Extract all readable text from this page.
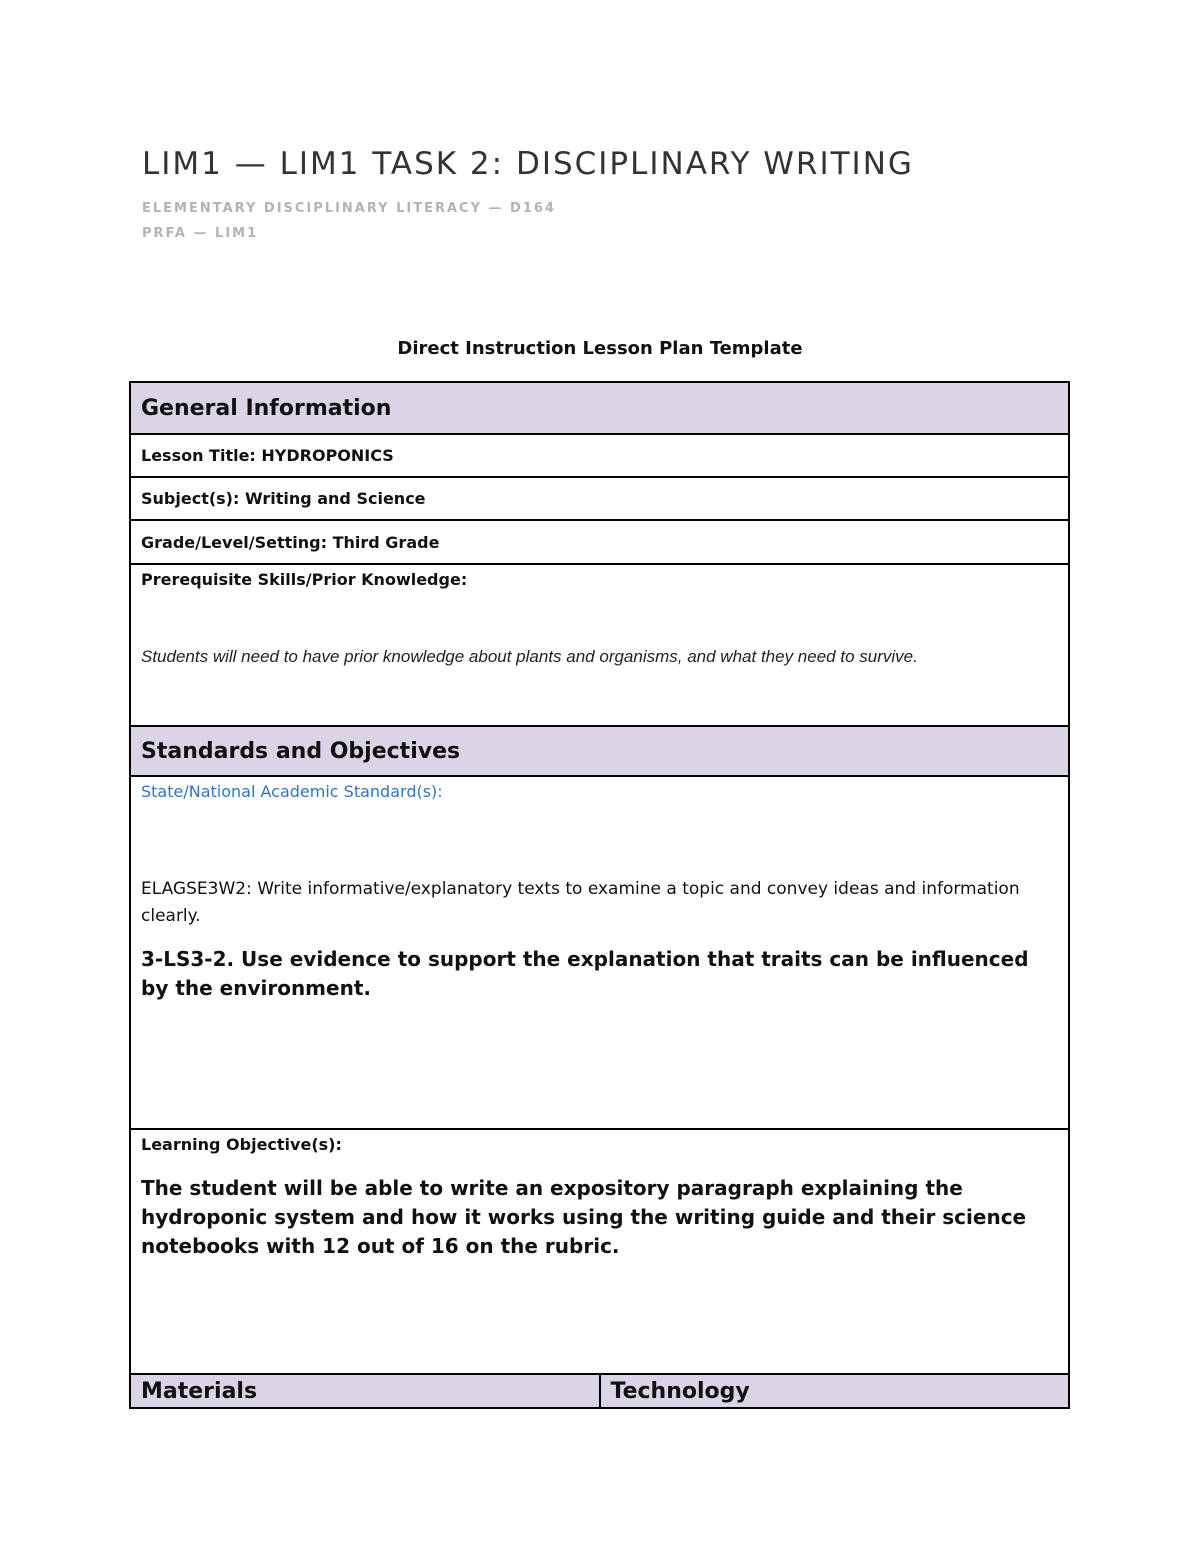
LIM1 — LIM1 TASK 2: DISCIPLINARY WRITING

ELEMENTARY DISCIPLINARY LITERACY — D164

PRFA — LIM1

Direct Instruction Lesson Plan Template
General Information
Lesson Title: HYDROPONICS
Subject(s): Writing and Science
Grade/Level/Setting: Third Grade
Prerequisite Skills/Prior Knowledge:
Students will need to have prior knowledge about plants and organisms, and what they need to survive.
Standards and Objectives
State/National Academic Standard(s):

ELAGSE3W2: Write informative/explanatory texts to examine a topic and convey ideas and information clearly.

3-LS3-2. Use evidence to support the explanation that traits can be influenced by the environment.

Learning Objective(s):

The student will be able to write an expository paragraph explaining the hydroponic system and how it works using the writing guide and their science notebooks with 12 out of 16 on the rubric.

Materials	Technology
